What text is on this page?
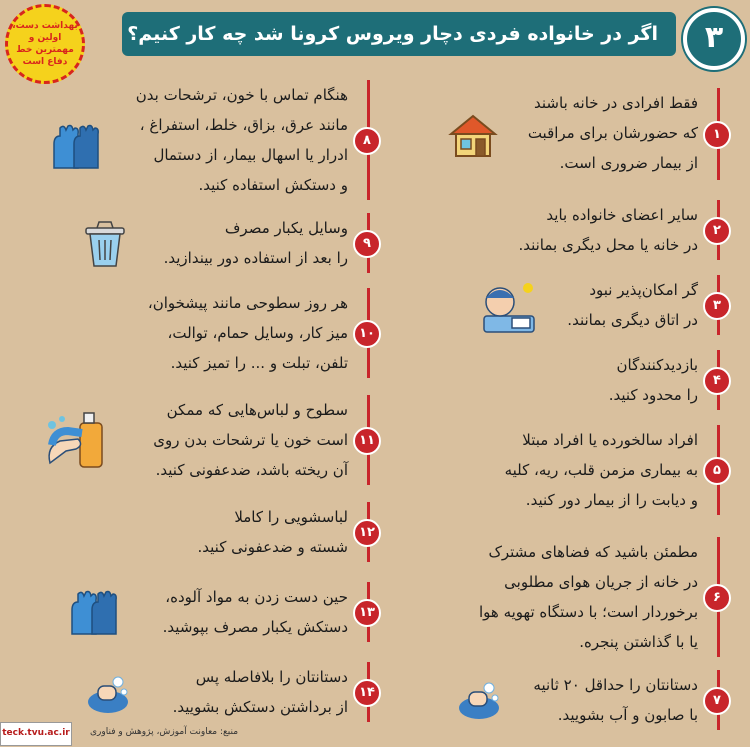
بهداشت دست، اولین و مهمترین خط دفاع است
اگر در خانواده فردی دچار ویروس کرونا شد چه کار کنیم؟	۳
۱
فقط افرادی در خانه باشند
که حضورشان برای مراقبت
از بیمار ضروری است.
۲
سایر اعضای خانواده باید
در خانه یا محل دیگری بمانند.
۳
گر امکان‌پذیر نبود
در اتاق دیگری بمانند.
۴
بازدیدکنندگان
را محدود کنید.
۵
افراد سالخورده یا افراد مبتلا
به بیماری مزمن قلب، ریه، کلیه
و دیابت را از بیمار دور کنید.
۶
مطمئن باشید که فضاهای مشترک
در خانه از جریان هوای مطلوبی
برخوردار است؛ با دستگاه تهویه هوا
یا با گذاشتن پنجره.
۷
دستانتان را حداقل ۲۰ ثانیه
با صابون و آب بشویید.
۸
هنگام تماس با خون، ترشحات بدن
مانند عرق، بزاق، خلط، استفراغ ،
ادرار یا اسهال بیمار، از دستمال
و دستکش استفاده کنید.
۹
وسایل یکبار مصرف
را بعد از استفاده دور بیندازید.
۱۰
هر روز سطوحی مانند پیشخوان،
میز کار، وسایل حمام، توالت،
تلفن، تبلت و ... را تمیز کنید.
۱۱
سطوح و لباس‌هایی که ممکن
است خون یا ترشحات بدن روی
آن ریخته باشد، ضدعفونی کنید.
۱۲
لباسشویی را کاملا
شسته و ضدعفونی کنید.
۱۳
حین دست زدن به مواد آلوده،
دستکش یکبار مصرف بپوشید.
۱۴
دستانتان را بلافاصله پس
از برداشتن دستکش بشویید.
منبع: معاونت آموزش، پژوهش و فناوری
teck.tvu.ac.ir
